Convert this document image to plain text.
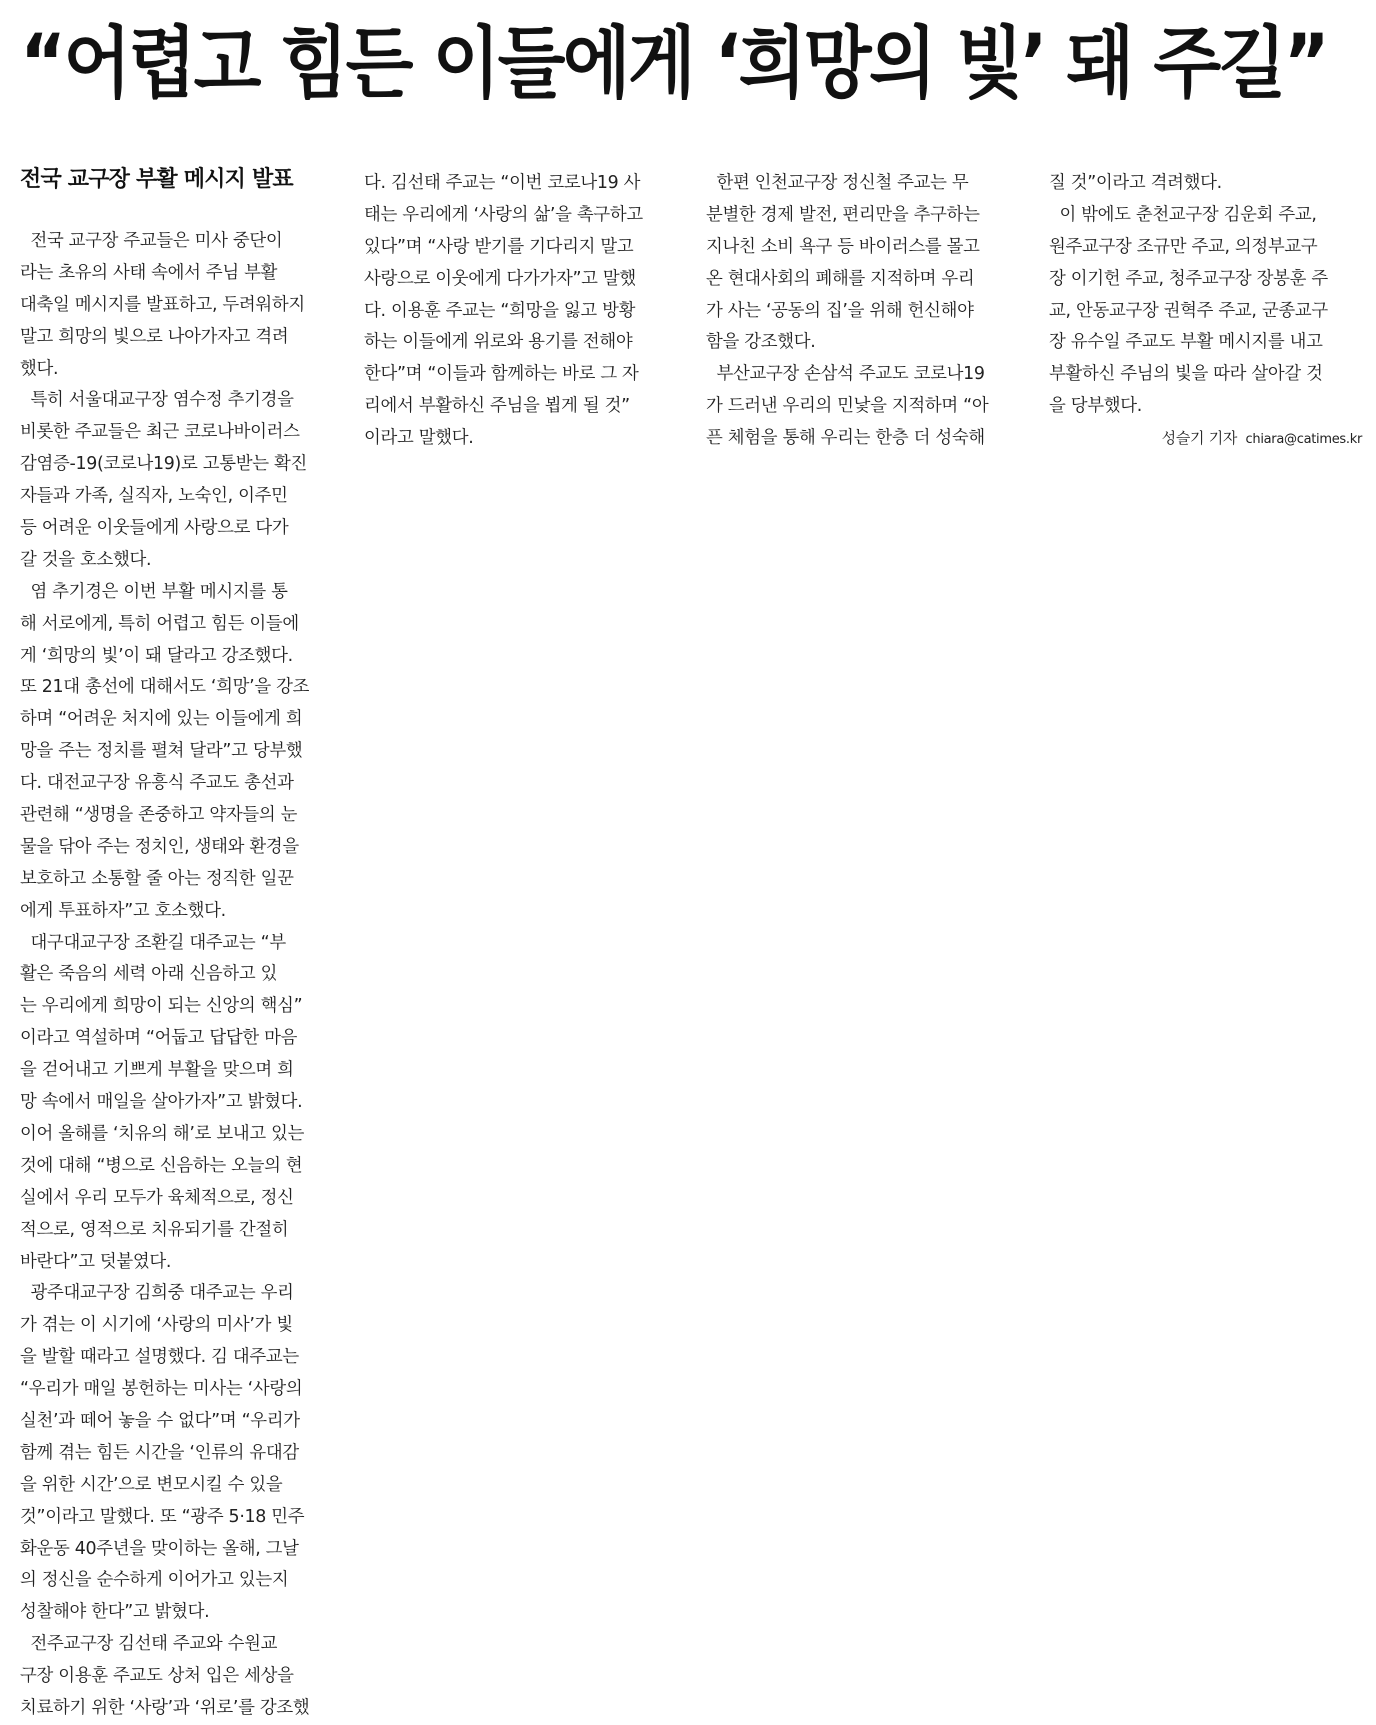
“어렵고 힘든 이들에게 ‘희망의 빛’ 돼 주길”
전국 교구장 부활 메시지 발표
전국 교구장 주교들은 미사 중단이
라는 초유의 사태 속에서 주님 부활
대축일 메시지를 발표하고, 두려워하지
말고 희망의 빛으로 나아가자고 격려
했다.
특히 서울대교구장 염수정 추기경을
비롯한 주교들은 최근 코로나바이러스
감염증-19(코로나19)로 고통받는 확진
자들과 가족, 실직자, 노숙인, 이주민
등 어려운 이웃들에게 사랑으로 다가
갈 것을 호소했다.
염 추기경은 이번 부활 메시지를 통
해 서로에게, 특히 어렵고 힘든 이들에
게 ‘희망의 빛’이 돼 달라고 강조했다.
또 21대 총선에 대해서도 ‘희망’을 강조
하며 “어려운 처지에 있는 이들에게 희
망을 주는 정치를 펼쳐 달라”고 당부했
다. 대전교구장 유흥식 주교도 총선과
관련해 “생명을 존중하고 약자들의 눈
물을 닦아 주는 정치인, 생태와 환경을
보호하고 소통할 줄 아는 정직한 일꾼
에게 투표하자”고 호소했다.
대구대교구장 조환길 대주교는 “부
활은 죽음의 세력 아래 신음하고 있
는 우리에게 희망이 되는 신앙의 핵심”
이라고 역설하며 “어둡고 답답한 마음
을 걷어내고 기쁘게 부활을 맞으며 희
망 속에서 매일을 살아가자”고 밝혔다.
이어 올해를 ‘치유의 해’로 보내고 있는
것에 대해 “병으로 신음하는 오늘의 현
실에서 우리 모두가 육체적으로, 정신
적으로, 영적으로 치유되기를 간절히
바란다”고 덧붙였다.
광주대교구장 김희중 대주교는 우리
가 겪는 이 시기에 ‘사랑의 미사’가 빛
을 발할 때라고 설명했다. 김 대주교는
“우리가 매일 봉헌하는 미사는 ‘사랑의
실천’과 떼어 놓을 수 없다”며 “우리가
함께 겪는 힘든 시간을 ‘인류의 유대감
을 위한 시간’으로 변모시킬 수 있을
것”이라고 말했다. 또 “광주 5·18 민주
화운동 40주년을 맞이하는 올해, 그날
의 정신을 순수하게 이어가고 있는지
성찰해야 한다”고 밝혔다.
전주교구장 김선태 주교와 수원교
구장 이용훈 주교도 상처 입은 세상을
치료하기 위한 ‘사랑’과 ‘위로’를 강조했
다. 김선태 주교는 “이번 코로나19 사
태는 우리에게 ‘사랑의 삶’을 촉구하고
있다”며 “사랑 받기를 기다리지 말고
사랑으로 이웃에게 다가가자”고 말했
다. 이용훈 주교는 “희망을 잃고 방황
하는 이들에게 위로와 용기를 전해야
한다”며 “이들과 함께하는 바로 그 자
리에서 부활하신 주님을 뵙게 될 것”
이라고 말했다.
한편 인천교구장 정신철 주교는 무
분별한 경제 발전, 편리만을 추구하는
지나친 소비 욕구 등 바이러스를 몰고
온 현대사회의 폐해를 지적하며 우리
가 사는 ‘공동의 집’을 위해 헌신해야
함을 강조했다.
부산교구장 손삼석 주교도 코로나19
가 드러낸 우리의 민낯을 지적하며 “아
픈 체험을 통해 우리는 한층 더 성숙해
질 것”이라고 격려했다.
이 밖에도 춘천교구장 김운회 주교,
원주교구장 조규만 주교, 의정부교구
장 이기헌 주교, 청주교구장 장봉훈 주
교, 안동교구장 권혁주 주교, 군종교구
장 유수일 주교도 부활 메시지를 내고
부활하신 주님의 빛을 따라 살아갈 것
을 당부했다.
성슬기 기자 chiara@catimes.kr
